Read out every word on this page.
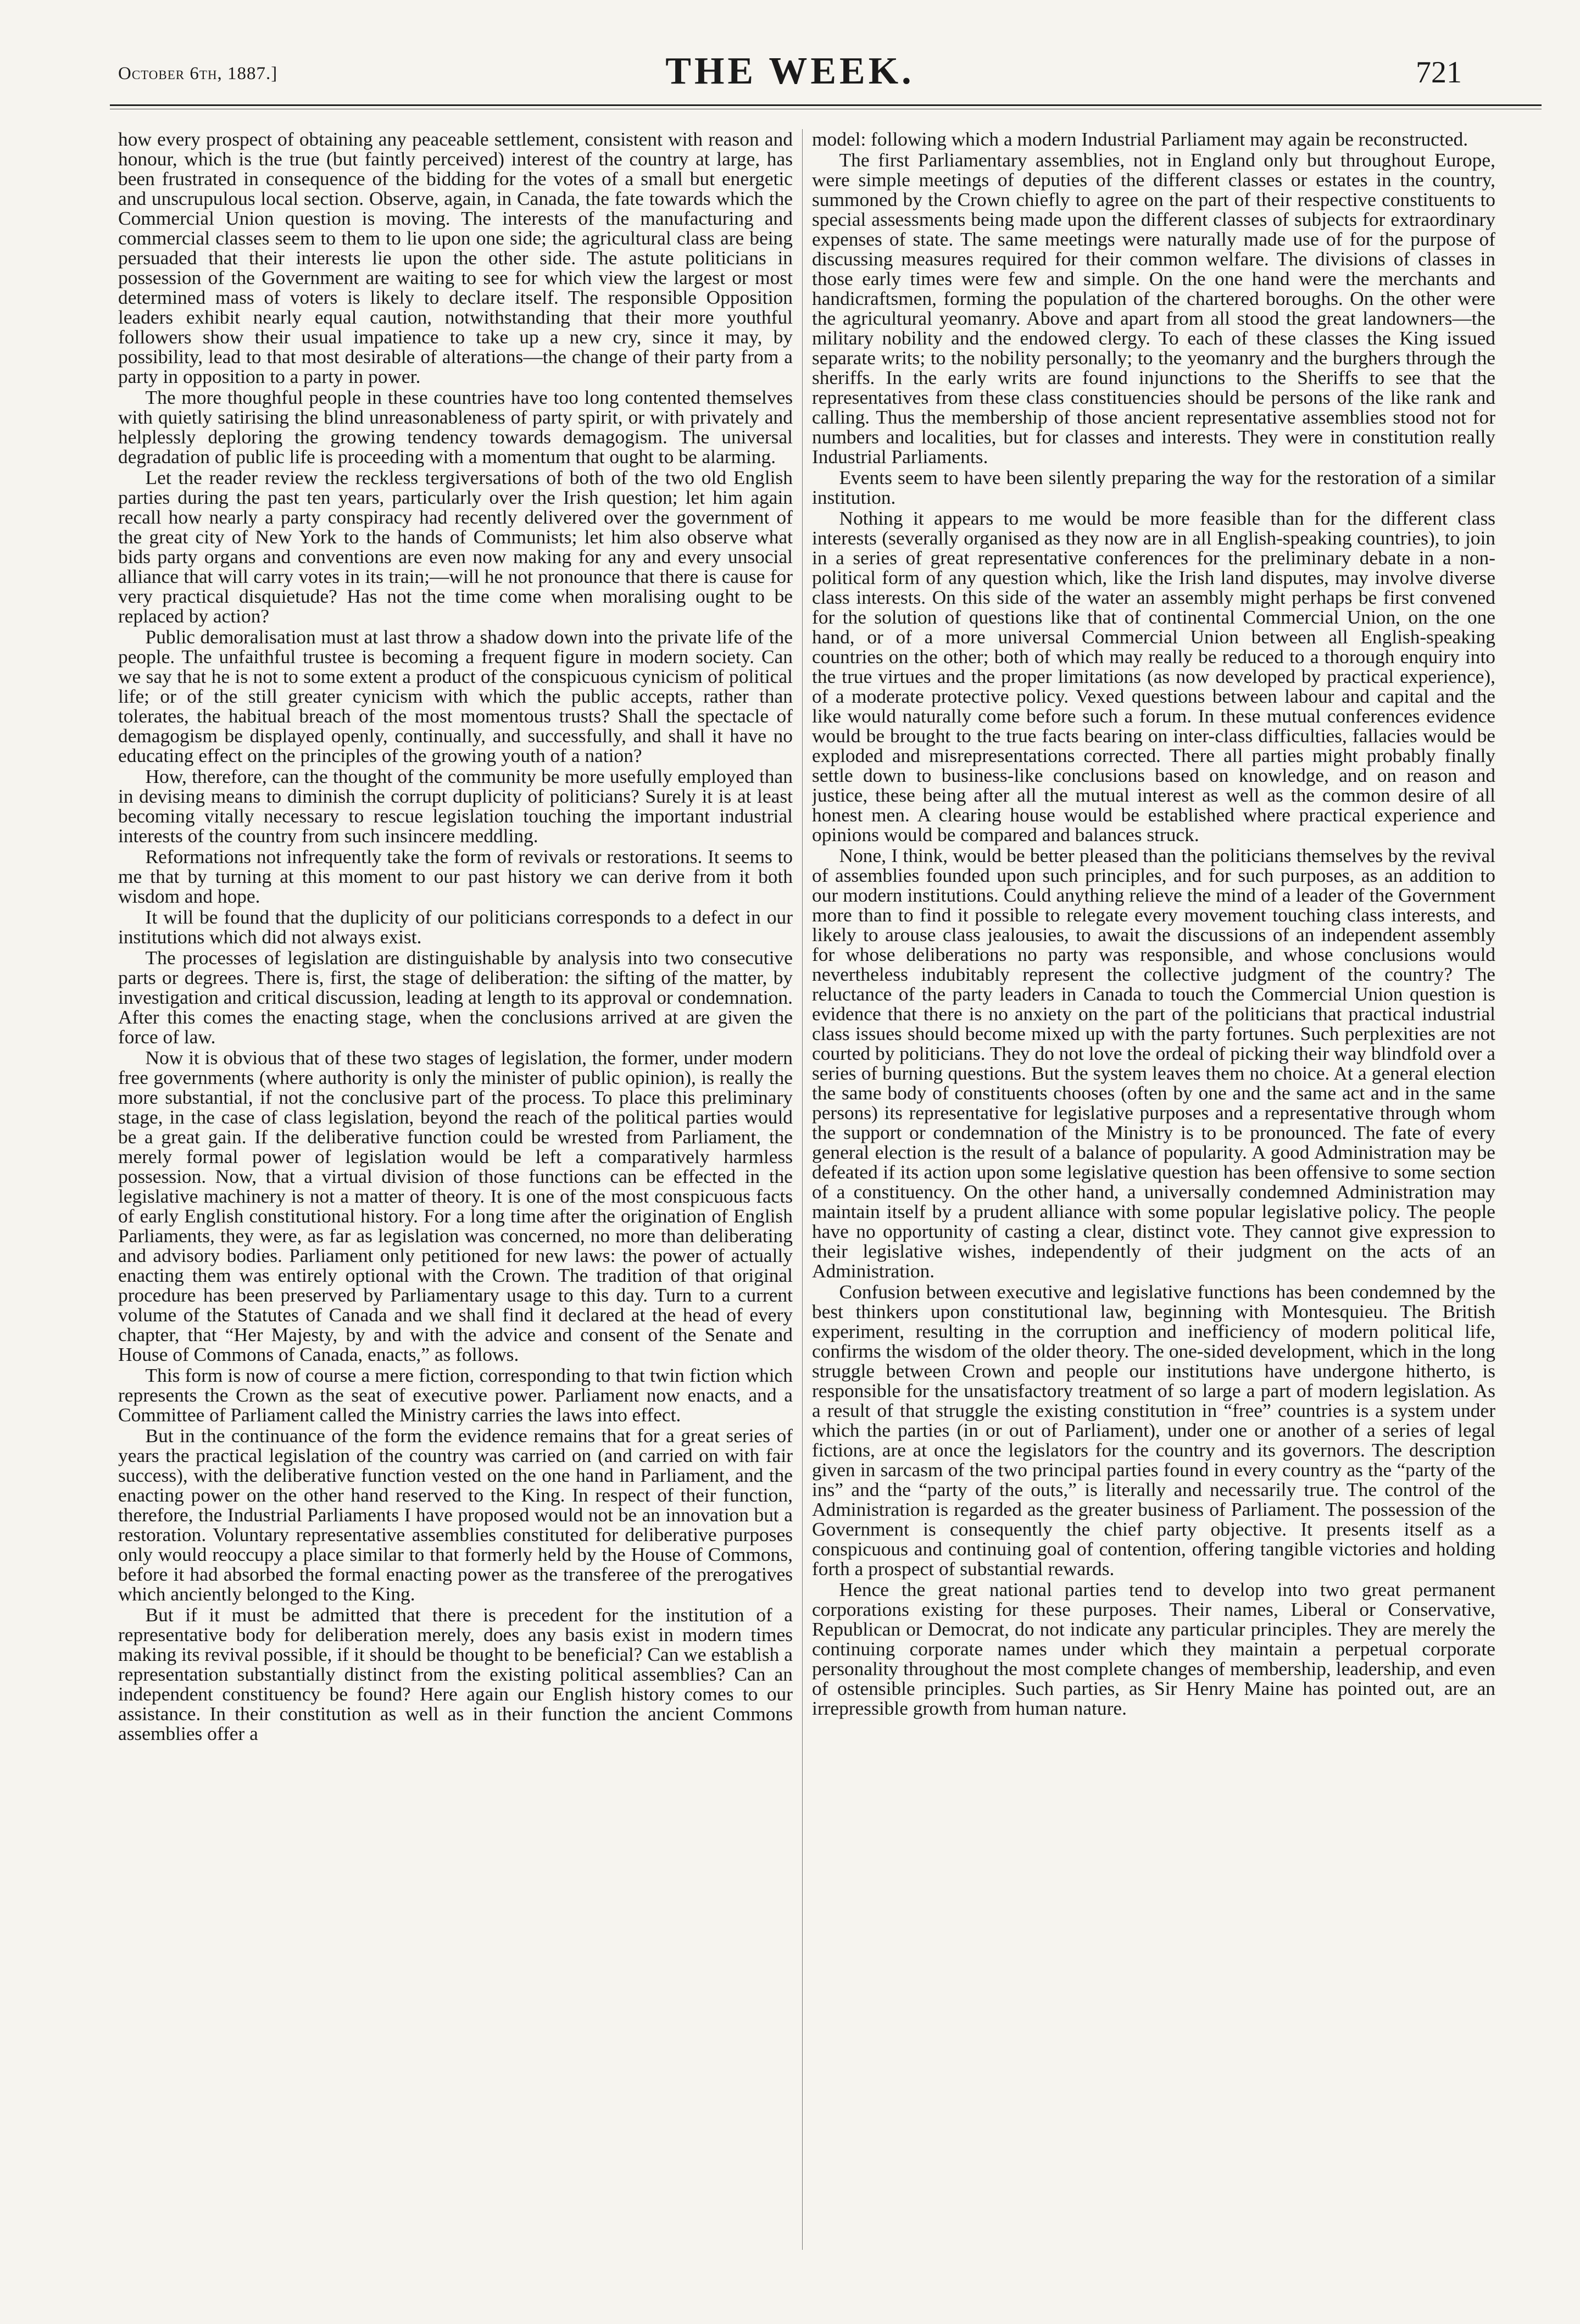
October 6th, 1887.]	THE WEEK.	721

how every prospect of obtaining any peaceable settlement, consistent with reason and honour, which is the true (but faintly perceived) interest of the country at large, has been frustrated in consequence of the bidding for the votes of a small but energetic and unscrupulous local section. Observe, again, in Canada, the fate towards which the Commercial Union question is moving. The interests of the manufacturing and commercial classes seem to them to lie upon one side; the agricultural class are being persuaded that their interests lie upon the other side. The astute politicians in possession of the Government are waiting to see for which view the largest or most determined mass of voters is likely to declare itself. The responsible Opposition leaders exhibit nearly equal caution, notwithstanding that their more youthful followers show their usual impatience to take up a new cry, since it may, by possibility, lead to that most desirable of alterations—the change of their party from a party in opposition to a party in power.

The more thoughful people in these countries have too long contented themselves with quietly satirising the blind unreasonableness of party spirit, or with privately and helplessly deploring the growing tendency towards demagogism. The universal degradation of public life is proceeding with a momentum that ought to be alarming.

Let the reader review the reckless tergiversations of both of the two old English parties during the past ten years, particularly over the Irish question; let him again recall how nearly a party conspiracy had recently delivered over the government of the great city of New York to the hands of Communists; let him also observe what bids party organs and conventions are even now making for any and every unsocial alliance that will carry votes in its train;—will he not pronounce that there is cause for very practical disquietude? Has not the time come when moralising ought to be replaced by action?

Public demoralisation must at last throw a shadow down into the private life of the people. The unfaithful trustee is becoming a frequent figure in modern society. Can we say that he is not to some extent a product of the conspicuous cynicism of political life; or of the still greater cynicism with which the public accepts, rather than tolerates, the habitual breach of the most momentous trusts? Shall the spectacle of demagogism be displayed openly, continually, and successfully, and shall it have no educating effect on the principles of the growing youth of a nation?

How, therefore, can the thought of the community be more usefully employed than in devising means to diminish the corrupt duplicity of politicians? Surely it is at least becoming vitally necessary to rescue legislation touching the important industrial interests of the country from such insincere meddling.

Reformations not infrequently take the form of revivals or restorations. It seems to me that by turning at this moment to our past history we can derive from it both wisdom and hope.

It will be found that the duplicity of our politicians corresponds to a defect in our institutions which did not always exist.

The processes of legislation are distinguishable by analysis into two consecutive parts or degrees. There is, first, the stage of deliberation: the sifting of the matter, by investigation and critical discussion, leading at length to its approval or condemnation. After this comes the enacting stage, when the conclusions arrived at are given the force of law.

Now it is obvious that of these two stages of legislation, the former, under modern free governments (where authority is only the minister of public opinion), is really the more substantial, if not the conclusive part of the process. To place this preliminary stage, in the case of class legislation, beyond the reach of the political parties would be a great gain. If the deliberative function could be wrested from Parliament, the merely formal power of legislation would be left a comparatively harmless possession. Now, that a virtual division of those functions can be effected in the legislative machinery is not a matter of theory. It is one of the most conspicuous facts of early English constitutional history. For a long time after the origination of English Parliaments, they were, as far as legislation was concerned, no more than deliberating and advisory bodies. Parliament only petitioned for new laws: the power of actually enacting them was entirely optional with the Crown. The tradition of that original procedure has been preserved by Parliamentary usage to this day. Turn to a current volume of the Statutes of Canada and we shall find it declared at the head of every chapter, that “Her Majesty, by and with the advice and consent of the Senate and House of Commons of Canada, enacts,” as follows.

This form is now of course a mere fiction, corresponding to that twin fiction which represents the Crown as the seat of executive power. Parliament now enacts, and a Committee of Parliament called the Ministry carries the laws into effect.

But in the continuance of the form the evidence remains that for a great series of years the practical legislation of the country was carried on (and carried on with fair success), with the deliberative function vested on the one hand in Parliament, and the enacting power on the other hand reserved to the King. In respect of their function, therefore, the Industrial Parliaments I have proposed would not be an innovation but a restoration. Voluntary representative assemblies constituted for deliberative purposes only would reoccupy a place similar to that formerly held by the House of Commons, before it had absorbed the formal enacting power as the transferee of the prerogatives which anciently belonged to the King.

But if it must be admitted that there is precedent for the institution of a representative body for deliberation merely, does any basis exist in modern times making its revival possible, if it should be thought to be beneficial? Can we establish a representation substantially distinct from the existing political assemblies? Can an independent constituency be found? Here again our English history comes to our assistance. In their constitution as well as in their function the ancient Commons assemblies offer a

model: following which a modern Industrial Parliament may again be reconstructed.

The first Parliamentary assemblies, not in England only but throughout Europe, were simple meetings of deputies of the different classes or estates in the country, summoned by the Crown chiefly to agree on the part of their respective constituents to special assessments being made upon the different classes of subjects for extraordinary expenses of state. The same meetings were naturally made use of for the purpose of discussing measures required for their common welfare. The divisions of classes in those early times were few and simple. On the one hand were the merchants and handicraftsmen, forming the population of the chartered boroughs. On the other were the agricultural yeomanry. Above and apart from all stood the great landowners—the military nobility and the endowed clergy. To each of these classes the King issued separate writs; to the nobility personally; to the yeomanry and the burghers through the sheriffs. In the early writs are found injunctions to the Sheriffs to see that the representatives from these class constituencies should be persons of the like rank and calling. Thus the membership of those ancient representative assemblies stood not for numbers and localities, but for classes and interests. They were in constitution really Industrial Parliaments.

Events seem to have been silently preparing the way for the restoration of a similar institution.

Nothing it appears to me would be more feasible than for the different class interests (severally organised as they now are in all English-speaking countries), to join in a series of great representative conferences for the preliminary debate in a non-political form of any question which, like the Irish land disputes, may involve diverse class interests. On this side of the water an assembly might perhaps be first convened for the solution of questions like that of continental Commercial Union, on the one hand, or of a more universal Commercial Union between all English-speaking countries on the other; both of which may really be reduced to a thorough enquiry into the true virtues and the proper limitations (as now developed by practical experience), of a moderate protective policy. Vexed questions between labour and capital and the like would naturally come before such a forum. In these mutual conferences evidence would be brought to the true facts bearing on inter-class difficulties, fallacies would be exploded and misrepresentations corrected. There all parties might probably finally settle down to business-like conclusions based on knowledge, and on reason and justice, these being after all the mutual interest as well as the common desire of all honest men. A clearing house would be established where practical experience and opinions would be compared and balances struck.

None, I think, would be better pleased than the politicians themselves by the revival of assemblies founded upon such principles, and for such purposes, as an addition to our modern institutions. Could anything relieve the mind of a leader of the Government more than to find it possible to relegate every movement touching class interests, and likely to arouse class jealousies, to await the discussions of an independent assembly for whose deliberations no party was responsible, and whose conclusions would nevertheless indubitably represent the collective judgment of the country? The reluctance of the party leaders in Canada to touch the Commercial Union question is evidence that there is no anxiety on the part of the politicians that practical industrial class issues should become mixed up with the party fortunes. Such perplexities are not courted by politicians. They do not love the ordeal of picking their way blindfold over a series of burning questions. But the system leaves them no choice. At a general election the same body of constituents chooses (often by one and the same act and in the same persons) its representative for legislative purposes and a representative through whom the support or condemnation of the Ministry is to be pronounced. The fate of every general election is the result of a balance of popularity. A good Administration may be defeated if its action upon some legislative question has been offensive to some section of a constituency. On the other hand, a universally condemned Administration may maintain itself by a prudent alliance with some popular legislative policy. The people have no opportunity of casting a clear, distinct vote. They cannot give expression to their legislative wishes, independently of their judgment on the acts of an Administration.

Confusion between executive and legislative functions has been condemned by the best thinkers upon constitutional law, beginning with Montesquieu. The British experiment, resulting in the corruption and inefficiency of modern political life, confirms the wisdom of the older theory. The one-sided development, which in the long struggle between Crown and people our institutions have undergone hitherto, is responsible for the unsatisfactory treatment of so large a part of modern legislation. As a result of that struggle the existing constitution in “free” countries is a system under which the parties (in or out of Parliament), under one or another of a series of legal fictions, are at once the legislators for the country and its governors. The description given in sarcasm of the two principal parties found in every country as the “party of the ins” and the “party of the outs,” is literally and necessarily true. The control of the Administration is regarded as the greater business of Parliament. The possession of the Government is consequently the chief party objective. It presents itself as a conspicuous and continuing goal of contention, offering tangible victories and holding forth a prospect of substantial rewards.

Hence the great national parties tend to develop into two great permanent corporations existing for these purposes. Their names, Liberal or Conservative, Republican or Democrat, do not indicate any particular principles. They are merely the continuing corporate names under which they maintain a perpetual corporate personality throughout the most complete changes of membership, leadership, and even of ostensible principles. Such parties, as Sir Henry Maine has pointed out, are an irrepressible growth from human nature.
